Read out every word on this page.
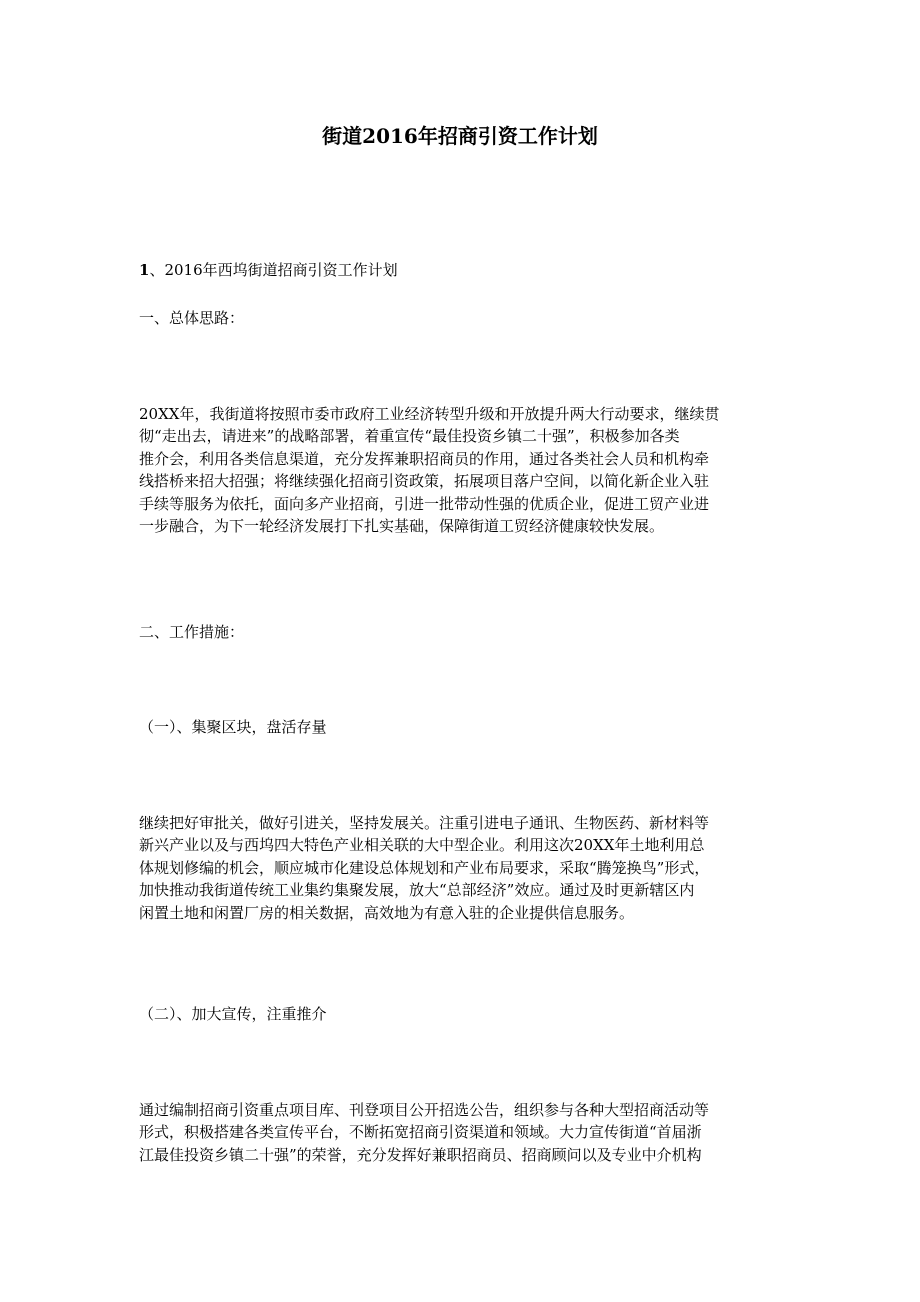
街道2016年招商引资工作计划

1、2016年西坞街道招商引资工作计划

一、总体思路：

20XX年，我街道将按照市委市政府工业经济转型升级和开放提升两大行动要求，继续贯
彻“走出去，请进来”的战略部署，着重宣传“最佳投资乡镇二十强”，积极参加各类
推介会，利用各类信息渠道，充分发挥兼职招商员的作用，通过各类社会人员和机构牵
线搭桥来招大招强；将继续强化招商引资政策，拓展项目落户空间，以简化新企业入驻
手续等服务为依托，面向多产业招商，引进一批带动性强的优质企业，促进工贸产业进
一步融合，为下一轮经济发展打下扎实基础，保障街道工贸经济健康较快发展。

二、工作措施：

（一）、集聚区块，盘活存量

继续把好审批关，做好引进关，坚持发展关。注重引进电子通讯、生物医药、新材料等
新兴产业以及与西坞四大特色产业相关联的大中型企业。利用这次20XX年土地利用总
体规划修编的机会，顺应城市化建设总体规划和产业布局要求，采取“腾笼换鸟”形式，
加快推动我街道传统工业集约集聚发展，放大“总部经济”效应。通过及时更新辖区内
闲置土地和闲置厂房的相关数据，高效地为有意入驻的企业提供信息服务。

（二）、加大宣传，注重推介

通过编制招商引资重点项目库、刊登项目公开招选公告，组织参与各种大型招商活动等
形式，积极搭建各类宣传平台，不断拓宽招商引资渠道和领域。大力宣传街道“首届浙
江最佳投资乡镇二十强”的荣誉，充分发挥好兼职招商员、招商顾问以及专业中介机构
